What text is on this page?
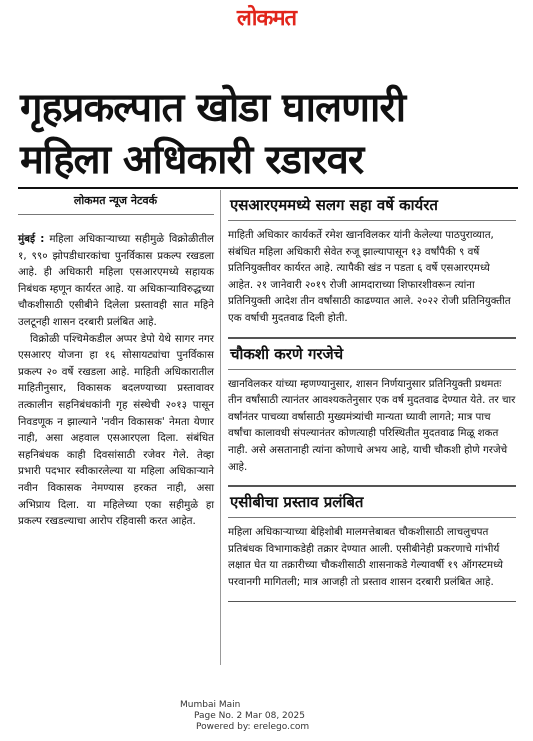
लोकमत
गृहप्रकल्पात खोडा घालणारी
महिला अधिकारी रडारवर
लोकमत न्यूज नेटवर्क

मुंबई : महिला अधिकाऱ्याच्या सहीमुळे विक्रोळीतील १, ९९० झोपडीधारकांचा पुनर्विकास प्रकल्प रखडला आहे. ही अधिकारी महिला एसआरएमध्ये सहायक निबंधक म्हणून कार्यरत आहे. या अधिकाऱ्याविरुद्धच्या चौकशीसाठी एसीबीने दिलेला प्रस्तावही सात महिने उलटूनही शासन दरबारी प्रलंबित आहे.

विक्रोळी पश्चिमेकडील अप्पर डेपो येथे सागर नगर एसआरए योजना हा १६ सोसायट्यांचा पुनर्विकास प्रकल्प २० वर्षे रखडला आहे. माहिती अधिकारातील माहितीनुसार, विकासक बदलण्याच्या प्रस्तावावर तत्कालीन सहनिबंधकांनी गृह संस्थेची २०१३ पासून निवडणूक न झाल्याने 'नवीन विकासक' नेमता येणार नाही, असा अहवाल एसआरएला दिला. संबंधित सहनिबंधक काही दिवसांसाठी रजेवर गेले. तेव्हा प्रभारी पदभार स्वीकारलेल्या या महिला अधिकाऱ्याने नवीन विकासक नेमण्यास हरकत नाही, असा अभिप्राय दिला. या महिलेच्या एका सहीमुळे हा प्रकल्प रखडल्याचा आरोप रहिवासी करत आहेत.

एसआरएममध्ये सलग सहा वर्षे कार्यरत

माहिती अधिकार कार्यकर्ते रमेश खानविलकर यांनी केलेल्या पाठपुराव्यात, संबंधित महिला अधिकारी सेवेत रुजू झाल्यापासून १३ वर्षांपैकी ९ वर्षे प्रतिनियुक्तीवर कार्यरत आहे. त्यापैकी खंड न पडता ६ वर्षे एसआरएमध्ये आहेत. २१ जानेवारी २०१९ रोजी आमदाराच्या शिफारशीवरून त्यांना प्रतिनियुक्ती आदेश तीन वर्षांसाठी काढण्यात आले. २०२२ रोजी प्रतिनियुक्तीत एक वर्षाची मुदतवाढ दिली होती.

चौकशी करणे गरजेचे

खानविलकर यांच्या म्हणण्यानुसार, शासन निर्णयानुसार प्रतिनियुक्ती प्रथमतः तीन वर्षांसाठी त्यानंतर आवश्यकतेनुसार एक वर्ष मुदतवाढ देण्यात येते. तर चार वर्षांनंतर पाचव्या वर्षासाठी मुख्यमंत्र्यांची मान्यता घ्यावी लागते; मात्र पाच वर्षांचा कालावधी संपल्यानंतर कोणत्याही परिस्थितीत मुदतवाढ मिळू शकत नाही. असे असतानाही त्यांना कोणाचे अभय आहे, याची चौकशी होणे गरजेचे आहे.

एसीबीचा प्रस्ताव प्रलंबित

महिला अधिकाऱ्याच्या बेहिशोबी मालमत्तेबाबत चौकशीसाठी लाचलुचपत प्रतिबंधक विभागाकडेही तक्रार देण्यात आली. एसीबीनेही प्रकरणाचे गांभीर्य लक्षात घेत या तक्रारीच्या चौकशीसाठी शासनाकडे गेल्यावर्षी १९ ऑगस्टमध्ये परवानगी मागितली; मात्र आजही तो प्रस्ताव शासन दरबारी प्रलंबित आहे.

Mumbai Main
Page No. 2 Mar 08, 2025
Powered by: erelego.com
